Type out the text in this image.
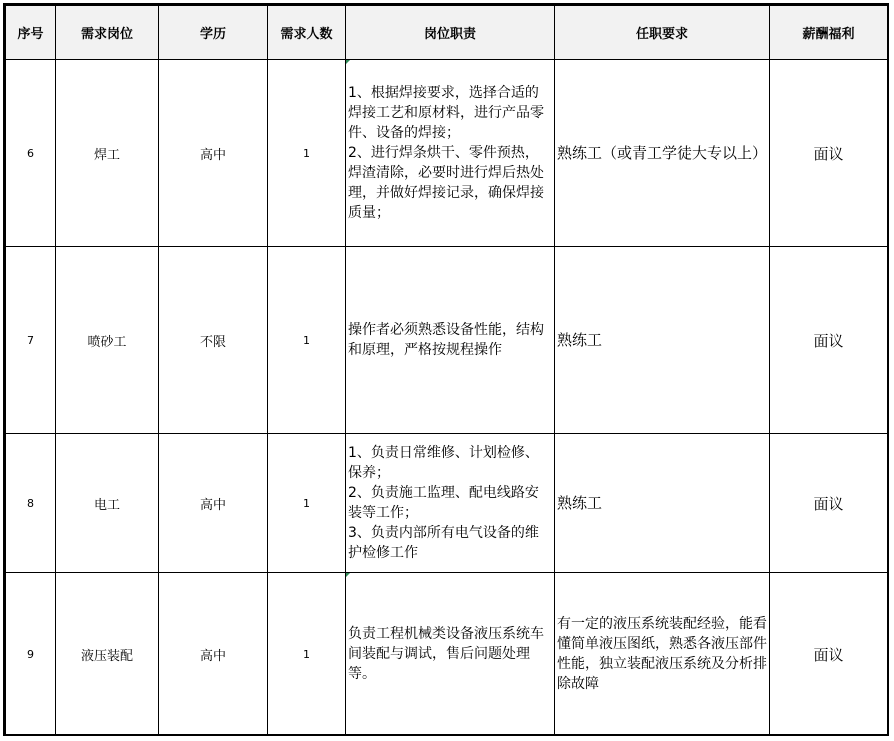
序号	需求岗位	学历	需求人数	岗位职责	任职要求	薪酬福利
6	焊工	高中	1	1、根据焊接要求，选择合适的焊接工艺和原材料，进行产品零件、设备的焊接；
2、进行焊条烘干、零件预热，焊渣清除，必要时进行焊后热处理，并做好焊接记录，确保焊接质量；	熟练工（或青工学徒大专以上）	面议
7	喷砂工	不限	1	操作者必须熟悉设备性能，结构和原理，严格按规程操作	熟练工	面议
8	电工	高中	1	1、负责日常维修、计划检修、保养；
2、负责施工监理、配电线路安装等工作；
3、负责内部所有电气设备的维护检修工作	熟练工	面议
9	液压装配	高中	1	负责工程机械类设备液压系统车间装配与调试，售后问题处理等。	有一定的液压系统装配经验，能看懂简单液压图纸，熟悉各液压部件性能，独立装配液压系统及分析排除故障	面议
